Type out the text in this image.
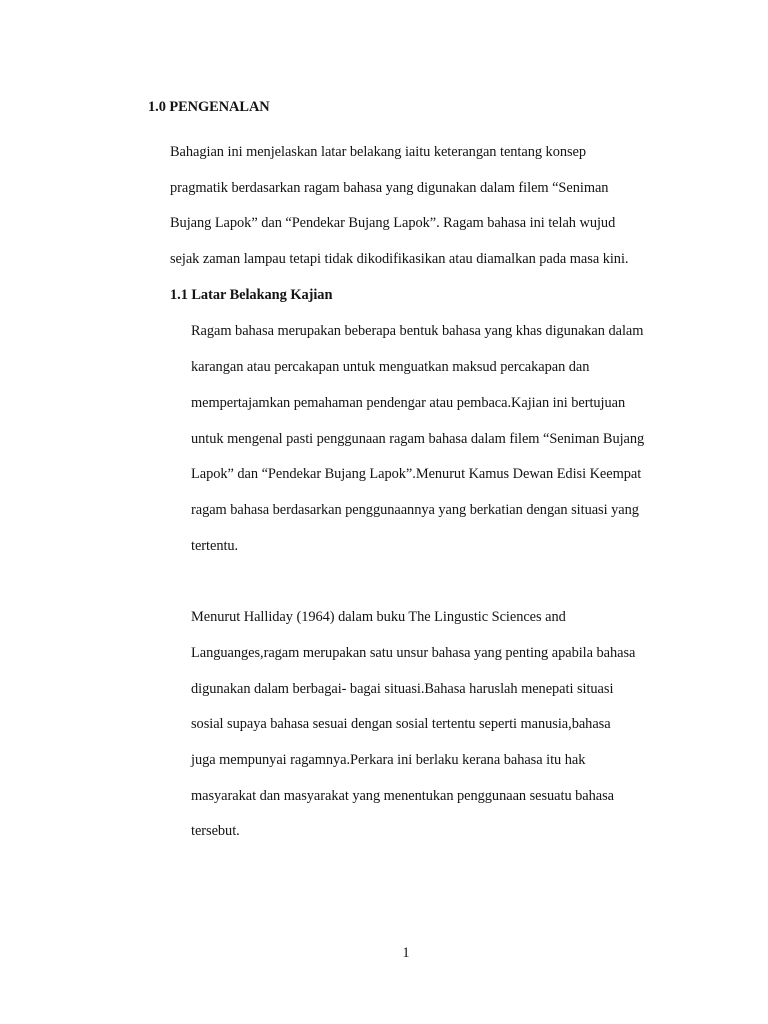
1.0 PENGENALAN
Bahagian ini menjelaskan latar belakang iaitu keterangan tentang konsep
pragmatik berdasarkan ragam bahasa yang digunakan dalam filem “Seniman
Bujang Lapok” dan “Pendekar Bujang Lapok”. Ragam bahasa ini telah wujud
sejak zaman lampau tetapi tidak dikodifikasikan atau diamalkan pada masa kini.
1.1 Latar Belakang Kajian
Ragam bahasa merupakan beberapa bentuk bahasa yang khas digunakan dalam
karangan atau percakapan untuk menguatkan maksud percakapan dan
mempertajamkan pemahaman pendengar atau pembaca.Kajian ini bertujuan
untuk mengenal pasti penggunaan ragam bahasa dalam filem “Seniman Bujang
Lapok” dan “Pendekar Bujang Lapok”.Menurut Kamus Dewan Edisi Keempat
ragam bahasa berdasarkan penggunaannya yang berkatian dengan situasi yang
tertentu.
Menurut Halliday (1964) dalam buku The Lingustic Sciences and
Languanges,ragam merupakan satu unsur bahasa yang penting apabila bahasa
digunakan dalam berbagai- bagai situasi.Bahasa haruslah menepati situasi
sosial supaya bahasa sesuai dengan sosial tertentu seperti manusia,bahasa
juga mempunyai ragamnya.Perkara ini berlaku kerana bahasa itu hak
masyarakat dan masyarakat yang menentukan penggunaan sesuatu bahasa
tersebut.
1
